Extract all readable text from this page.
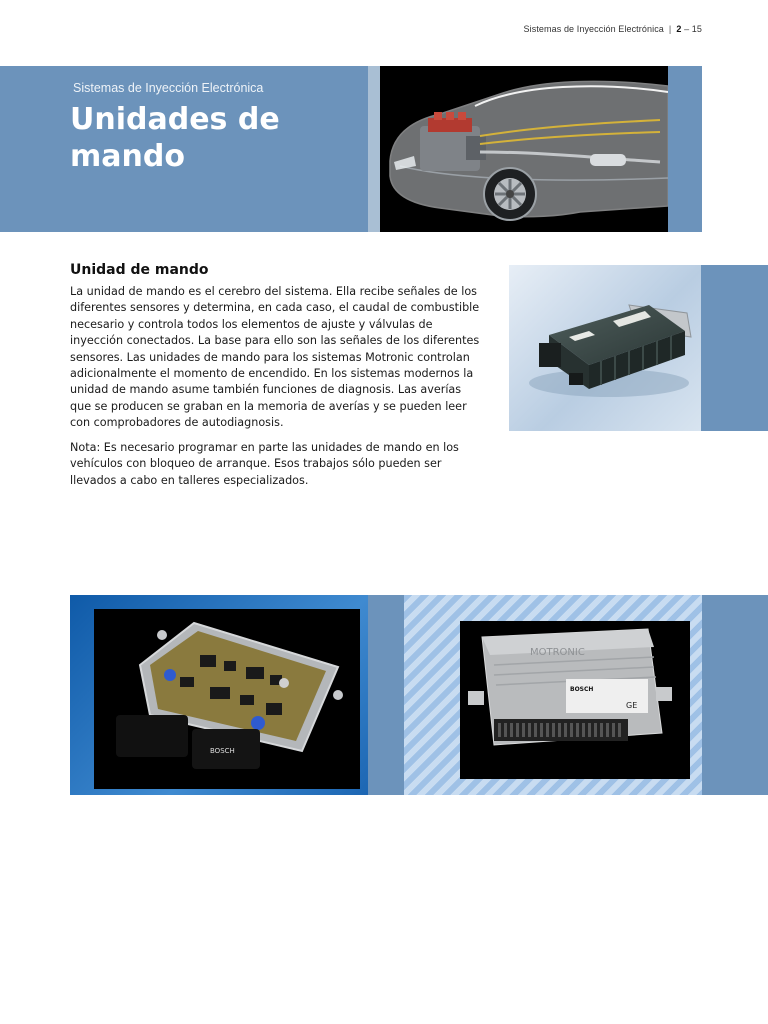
Sistemas de Inyección Electrónica | 2 – 15
Sistemas de Inyección Electrónica
Unidades de
mando
Unidad de mando

La unidad de mando es el cerebro del sistema. Ella recibe señales de los diferentes sensores y determina, en cada caso, el caudal de combustible necesario y controla todos los elementos de ajuste y válvulas de inyección conectados. La base para ello son las señales de los diferentes sensores. Las unidades de mando para los sistemas Motronic controlan adicionalmente el momento de encendido. En los sistemas modernos la unidad de mando asume también funciones de diagnosis. Las averías que se producen se graban en la memoria de averías y se pueden leer con comprobadores de autodiagnosis.

Nota: Es necesario programar en parte las unidades de mando en los vehículos con bloqueo de arranque. Esos trabajos sólo pueden ser llevados a cabo en talleres especializados.

BOSCH
MOTRONIC
BOSCH
GE
